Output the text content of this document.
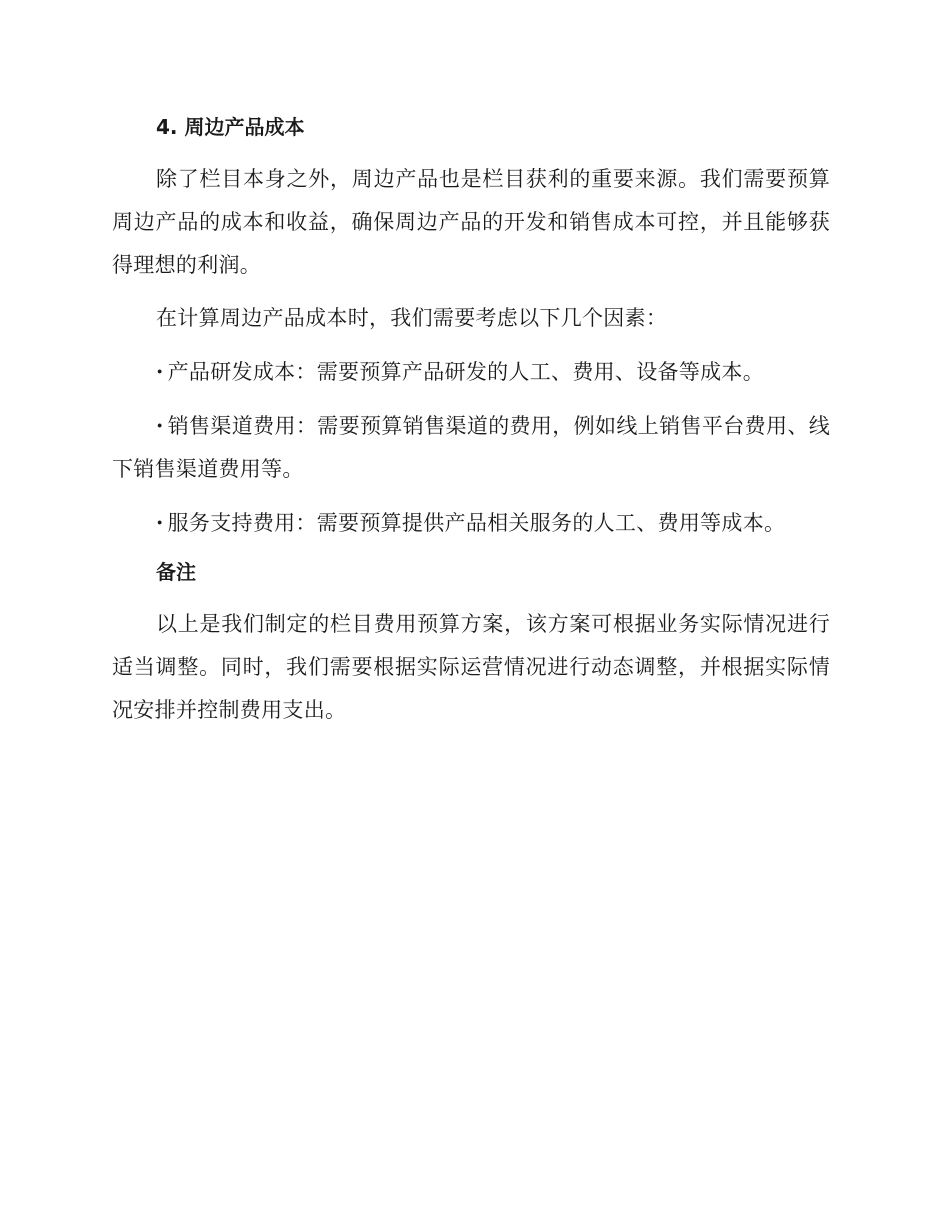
4. 周边产品成本

除了栏目本身之外，周边产品也是栏目获利的重要来源。我们需要预算周边产品的成本和收益，确保周边产品的开发和销售成本可控，并且能够获得理想的利润。

在计算周边产品成本时，我们需要考虑以下几个因素：

· 产品研发成本：需要预算产品研发的人工、费用、设备等成本。

· 销售渠道费用：需要预算销售渠道的费用，例如线上销售平台费用、线下销售渠道费用等。

· 服务支持费用：需要预算提供产品相关服务的人工、费用等成本。

备注

以上是我们制定的栏目费用预算方案，该方案可根据业务实际情况进行适当调整。同时，我们需要根据实际运营情况进行动态调整，并根据实际情况安排并控制费用支出。
